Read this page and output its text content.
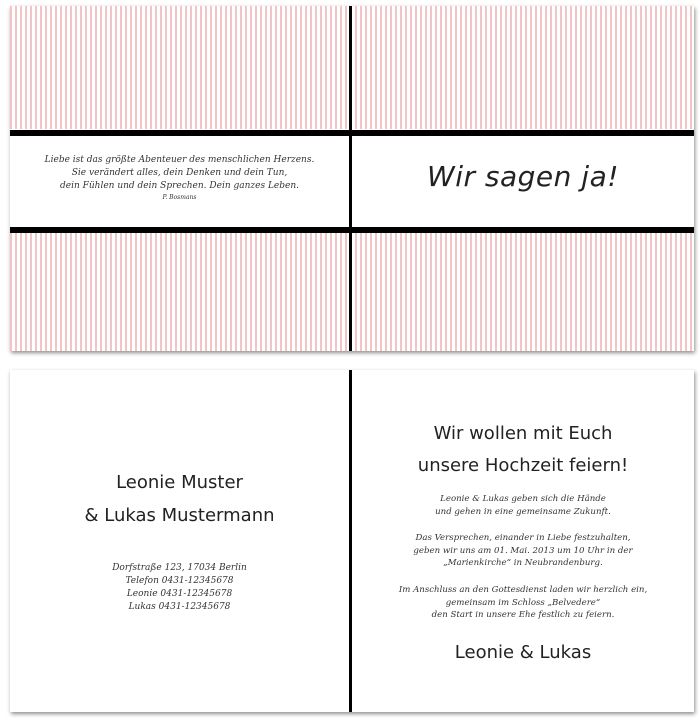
Liebe ist das größte Abenteuer des menschlichen Herzens.
Sie verändert alles, dein Denken und dein Tun,
dein Fühlen und dein Sprechen. Dein ganzes Leben.
P. Bosmans
Wir sagen ja!
Leonie Muster
& Lukas Mustermann
Dorfstraße 123, 17034 Berlin
Telefon 0431-12345678
Leonie 0431-12345678
Lukas 0431-12345678
Wir wollen mit Euch
unsere Hochzeit feiern!
Leonie & Lukas geben sich die Hände
und gehen in eine gemeinsame Zukunft.
Das Versprechen, einander in Liebe festzuhalten,
geben wir uns am 01. Mai. 2013 um 10 Uhr in der
„Marienkirche“ in Neubrandenburg.
Im Anschluss an den Gottesdienst laden wir herzlich ein,
gemeinsam im Schloss „Belvedere“
den Start in unsere Ehe festlich zu feiern.
Leonie & Lukas
